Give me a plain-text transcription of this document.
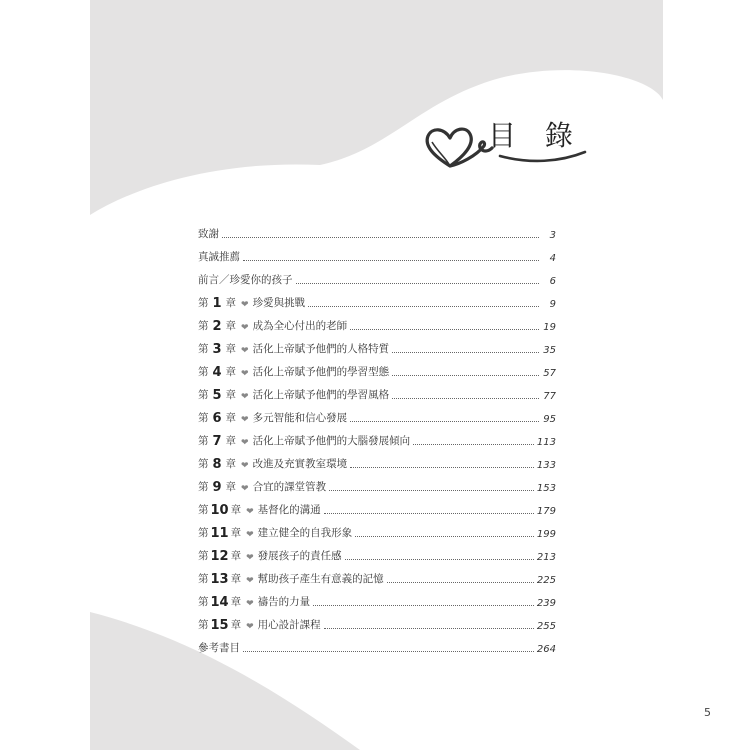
目 錄
致謝	3
真誠推薦	4
前言／珍愛你的孩子	6
第 1 章 ❤ 珍愛與挑戰	9
第 2 章 ❤ 成為全心付出的老師	19
第 3 章 ❤ 活化上帝賦予他們的人格特質	35
第 4 章 ❤ 活化上帝賦予他們的學習型態	57
第 5 章 ❤ 活化上帝賦予他們的學習風格	77
第 6 章 ❤ 多元智能和信心發展	95
第 7 章 ❤ 活化上帝賦予他們的大腦發展傾向	113
第 8 章 ❤ 改進及充實教室環境	133
第 9 章 ❤ 合宜的課堂管教	153
第 10 章 ❤ 基督化的溝通	179
第 11 章 ❤ 建立健全的自我形象	199
第 12 章 ❤ 發展孩子的責任感	213
第 13 章 ❤ 幫助孩子產生有意義的記憶	225
第 14 章 ❤ 禱告的力量	239
第 15 章 ❤ 用心設計課程	255
參考書目	264
5
